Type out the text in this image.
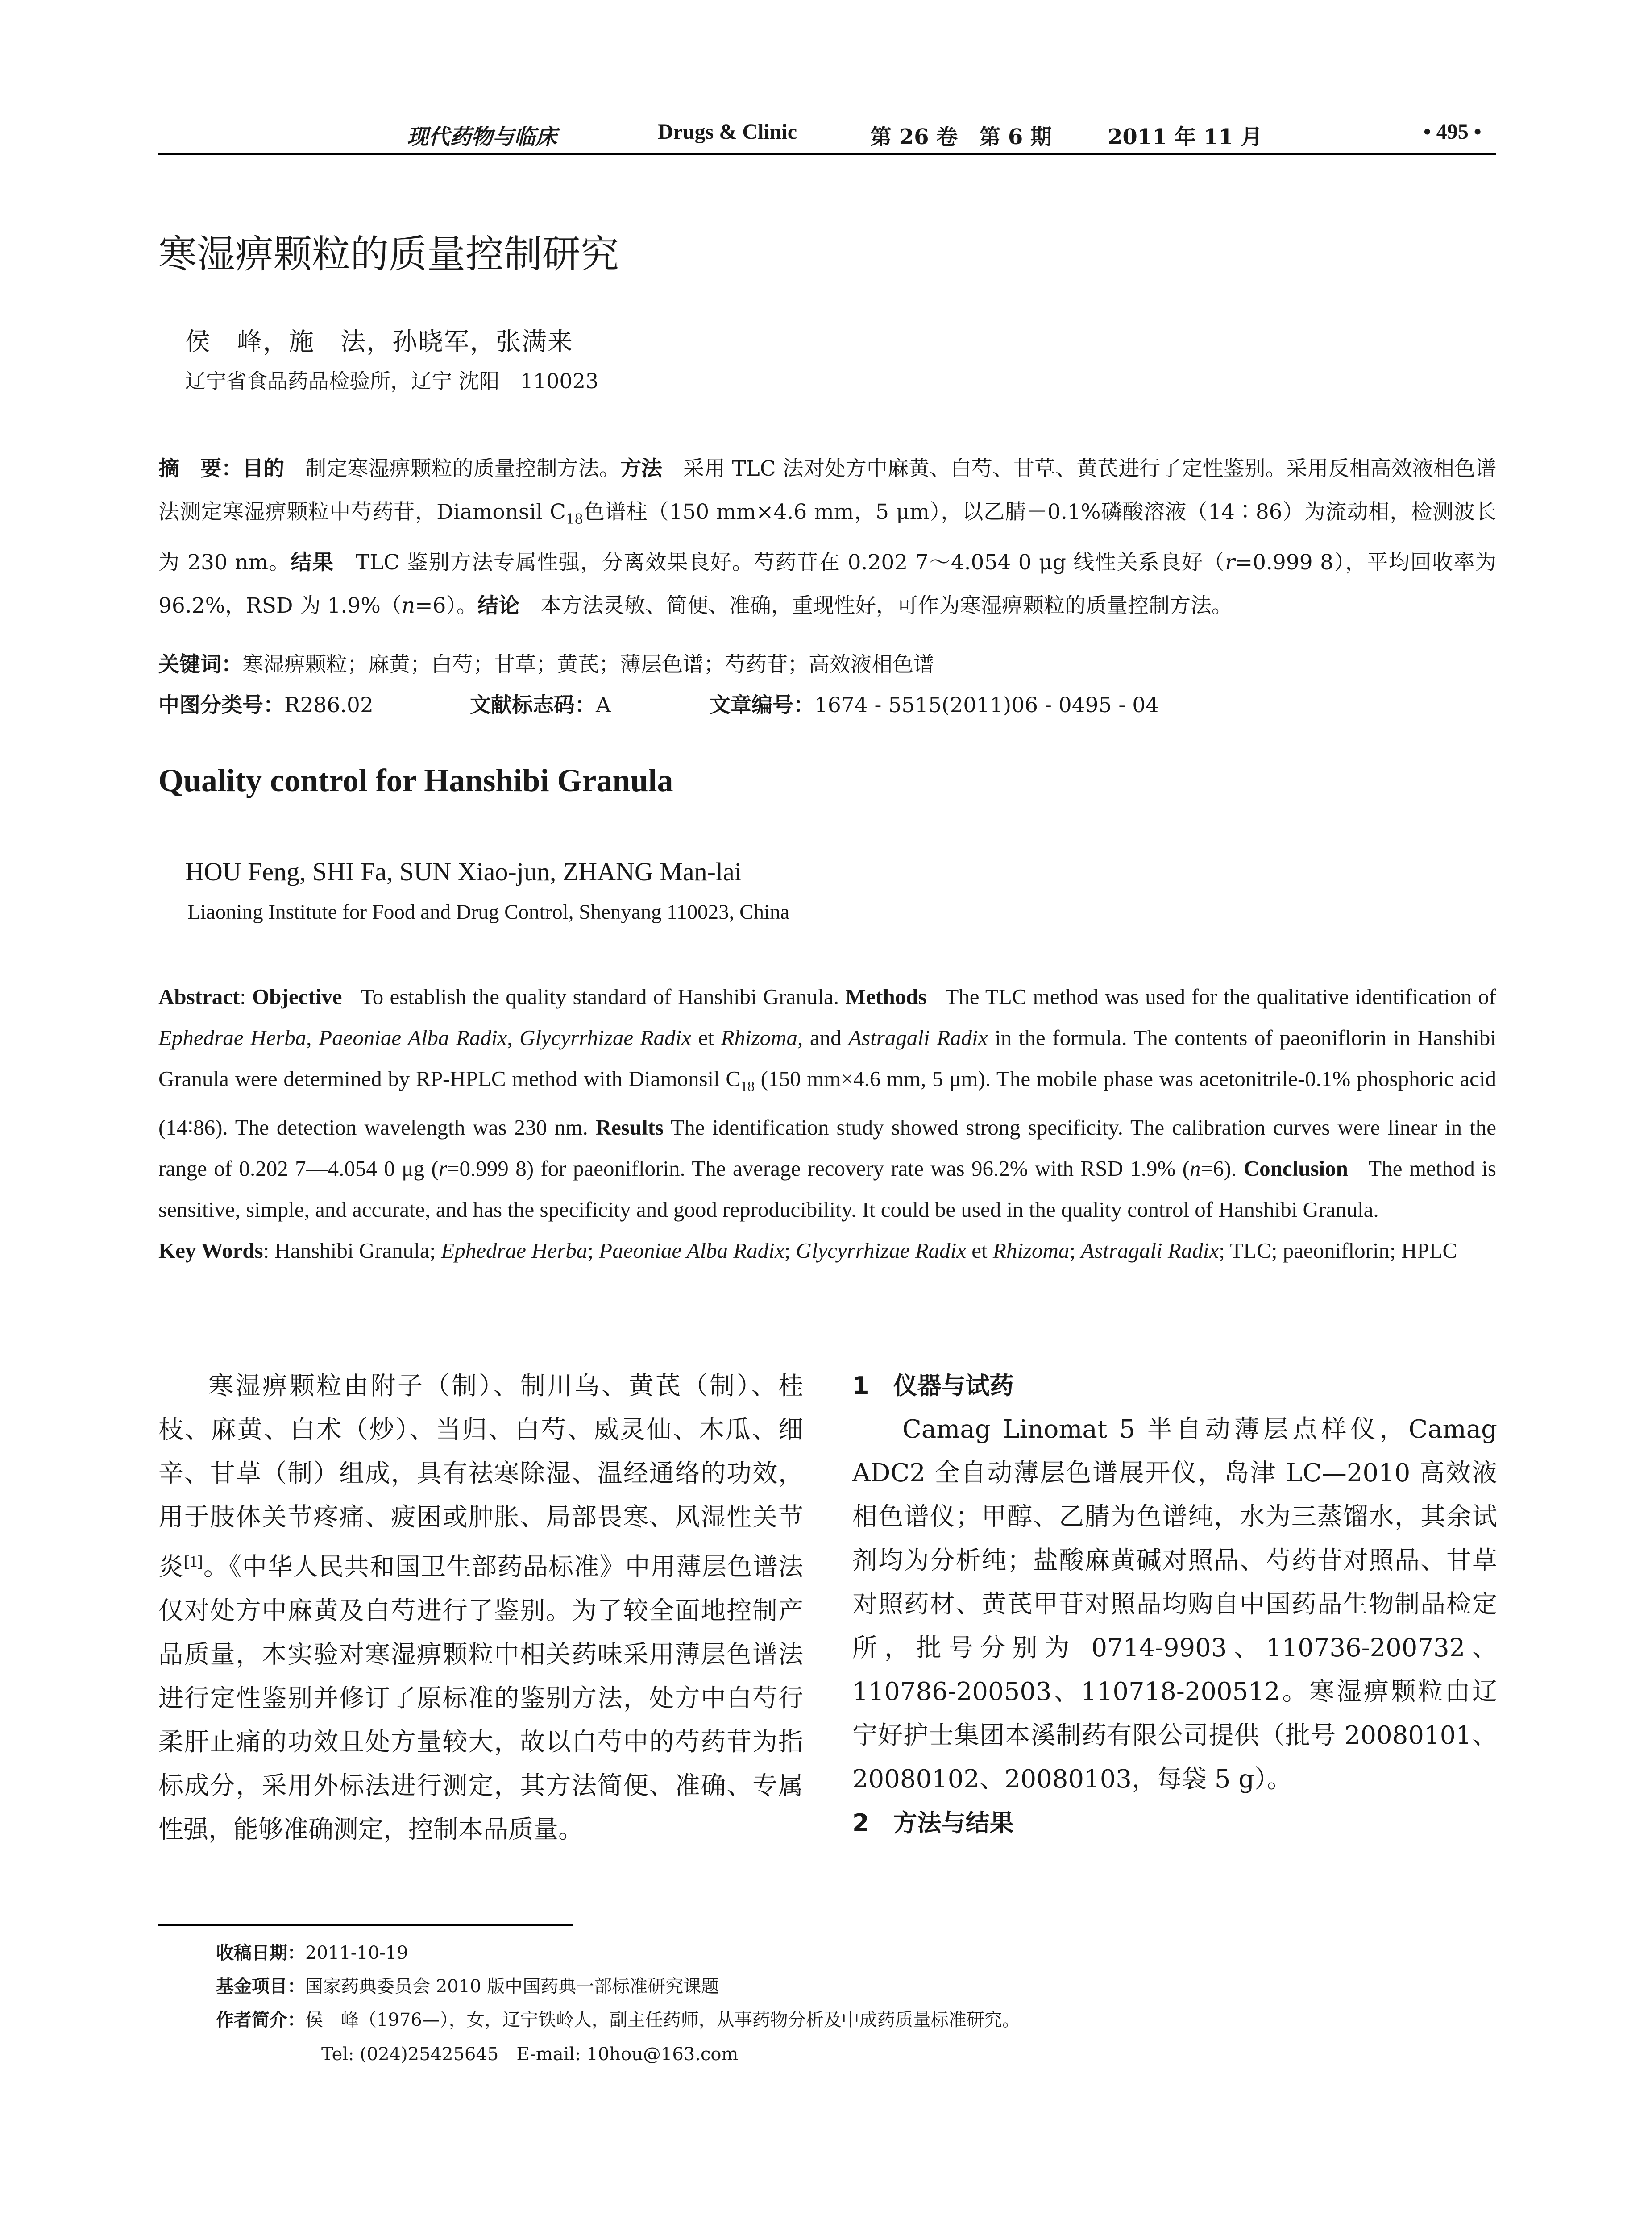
现代药物与临床	Drugs & Clinic	第 26 卷　第 6 期	2011 年 11 月	• 495 •
寒湿痹颗粒的质量控制研究
侯　峰，施　法，孙晓军，张满来
辽宁省食品药品检验所，辽宁 沈阳　110023
摘　要：目的　 制定寒湿痹颗粒的质量控制方法。方法　 采用 TLC 法对处方中麻黄、白芍、甘草、黄芪进行了定性鉴别。采用反相高效液相色谱法测定寒湿痹颗粒中芍药苷，Diamonsil $C_{18}$色谱柱（150 mm×4.6 mm，5 μm），以乙腈－0.1%磷酸溶液（14∶86）为流动相，检测波长为 230 nm。结果　 TLC 鉴别方法专属性强，分离效果良好。芍药苷在 0.202 7～4.054 0 μg 线性关系良好（r=0.999 8），平均回收率为 96.2%，RSD 为 1.9%（n=6）。结论　 本方法灵敏、简便、准确，重现性好，可作为寒湿痹颗粒的质量控制方法。
关键词：寒湿痹颗粒；麻黄；白芍；甘草；黄芪；薄层色谱；芍药苷；高效液相色谱
中图分类号：R286.02	文献标志码：A	文章编号：1674 - 5515(2011)06 - 0495 - 04
Quality control for Hanshibi Granula
HOU Feng, SHI Fa, SUN Xiao-jun, ZHANG Man-lai
Liaoning Institute for Food and Drug Control, Shenyang 110023, China

Abstract: Objective To establish the quality standard of Hanshibi Granula. Methods The TLC method was used for the qualitative identification of Ephedrae Herba, Paeoniae Alba Radix, Glycyrrhizae Radix et Rhizoma, and Astragali Radix in the formula. The contents of paeoniflorin in Hanshibi Granula were determined by RP-HPLC method with Diamonsil $C_{18}$ (150 mm×4.6 mm, 5 μm). The mobile phase was acetonitrile-0.1% phosphoric acid (14∶86). The detection wavelength was 230 nm. Results The identification study showed strong specificity. The calibration curves were linear in the range of 0.202 7—4.054 0 μg (r=0.999 8) for paeoniflorin. The average recovery rate was 96.2% with RSD 1.9% (n=6). Conclusion The method is sensitive, simple, and accurate, and has the specificity and good reproducibility. It could be used in the quality control of Hanshibi Granula.

Key Words: Hanshibi Granula; Ephedrae Herba; Paeoniae Alba Radix; Glycyrrhizae Radix et Rhizoma; Astragali Radix; TLC; paeoniflorin; HPLC

寒湿痹颗粒由附子（制）、制川乌、黄芪（制）、桂枝、麻黄、白术（炒）、当归、白芍、威灵仙、木瓜、细辛、甘草（制）组成，具有祛寒除湿、温经通络的功效，用于肢体关节疼痛、疲困或肿胀、局部畏寒、风湿性关节炎[1]。《中华人民共和国卫生部药品标准》中用薄层色谱法仅对处方中麻黄及白芍进行了鉴别。为了较全面地控制产品质量，本实验对寒湿痹颗粒中相关药味采用薄层色谱法进行定性鉴别并修订了原标准的鉴别方法，处方中白芍行柔肝止痛的功效且处方量较大，故以白芍中的芍药苷为指标成分，采用外标法进行测定，其方法简便、准确、专属性强，能够准确测定，控制本品质量。
1　仪器与试药

Camag Linomat 5 半自动薄层点样仪，Camag ADC2 全自动薄层色谱展开仪，岛津 LC—2010 高效液相色谱仪；甲醇、乙腈为色谱纯，水为三蒸馏水，其余试剂均为分析纯；盐酸麻黄碱对照品、芍药苷对照品、甘草对照药材、黄芪甲苷对照品均购自中国药品生物制品检定所，批号分别为 0714-9903、110736-200732、110786-200503、110718-200512。寒湿痹颗粒由辽宁好护士集团本溪制药有限公司提供（批号 20080101、20080102、20080103，每袋 5 g）。

2　方法与结果
收稿日期：2011-10-19
基金项目：国家药典委员会 2010 版中国药典一部标准研究课题
作者简介：侯　峰（1976—），女，辽宁铁岭人，副主任药师，从事药物分析及中成药质量标准研究。
Tel: (024)25425645　E-mail: 10hou@163.com
